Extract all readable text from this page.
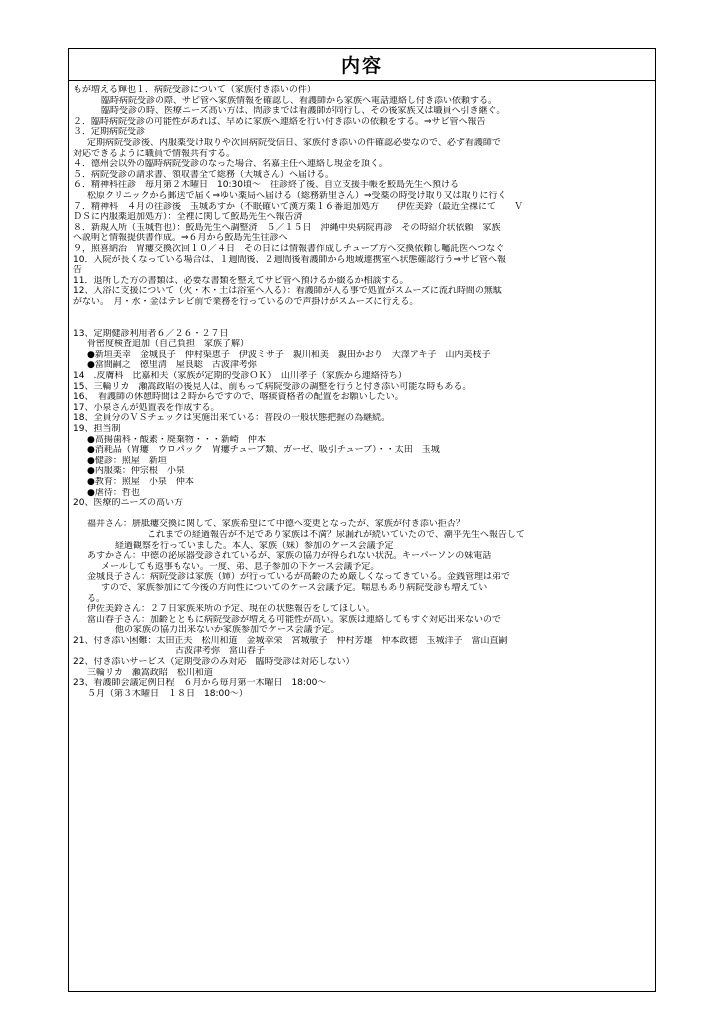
内容
もが増える輝也１．病院受診について（家族付き添いの件）
臨時病院受診の際、サビ管へ家族情報を確認し、看護師から家族へ電話連絡し付き添い依頼する。
臨時受診の時、医療ニーズ高い方は、問診までは看護師が同行し、その後家族又は職員へ引き継ぐ。
２．臨時病院受診の可能性があれば、早めに家族へ連絡を行い付き添いの依頼をする。⇒サビ管へ報告
３．定期病院受診
定期病院受診後、内服薬受け取りや次回病院受信日、家族付き添いの件確認必要なので、必ず看護師で
対応できるように職員で情報共有する。
４．德州会以外の臨時病院受診のなった場合、名嘉主任へ連絡し現金を頂く。
５．病院受診の請求書、領収書全て総務（大城さん）へ届ける。
６．精神科往診　毎月第２木曜日　10:30頃～　往診終了後、自立支援手帳を鮫島先生へ預ける
松原クリニックから郵送で届く⇒ゆい薬局へ届ける（総務新里さん）⇒受薬の時受け取り又は取りに行く
７．精神科　４月の往診後　玉城あすか（不眠確いて漢方薬１６番追加処方　　伊佐美鈴（最近全裸にて　　Ｖ
ＤＳに内服薬追加処方）：全裡に関して鮫島先生へ報告済
８．新規入所（玉城哲也）：鮫島先生へ調整済　５／１５日　沖縄中央病院再診　その時紹介状依頼　家族
へ説明と情報提供書作成。⇒６月から鮫島先生往診へ
９，照喜納治　胃瘻交換次回１０／４日　その日には情報書作成しチューブ方へ交換依頼し囑託医へつなぐ
10．入院が長くなっている場合は、１週間後、２週間後看護師から地域連携室へ状態確認行う⇒サビ管へ報
告
11．退所した方の書類は、必要な書類を整えてサビ管へ預けるか綴るか相談する。
12、入浴に支援について（火・木・土は浴室へ入る）：看護師が入る事で処置がスムーズに流れ時間の無駄
がない。　月・水・金はテレビ前で業務を行っているので声掛けがスムーズに行える。
13、定期健診利用者６／２６・２７日
骨密度検査追加（自己負担　家族了解）
●新垣美幸　金城良子　仲村渠恵子　伊波ミサ子　親川和美　親田かおり　大澤アキ子　山内美枝子
●當間嗣之　徳里清　屋良聡　古波津考弥
14　.皮膚科　比嘉和夫（家族が定期的受診ＯＫ）　山川孝子（家族から連絡待ち）
15、三輪リカ　瀬嵩政昭の後見人は、前もって病院受診の調整を行うと付き添い可能な時もある。
16、　看護師の休憩時間は２時からですので、喀痰資格者の配置をお願いしたい。
17、小泉さんが処置表を作成する。
18、全員分のＶＳチェックは実施出来ている：普段の一般状態把握の為継続。
19、担当制
●高揚歯科・酸素・廃棄物・・・新崎　仲本
●消耗品（胃瘻　ウロパック　胃瘻チューブ類、ガーゼ、吸引チューブ）・・太田　玉城
●健診：照屋　新垣
●内服薬：仲宗根　小泉
●教育：照屋　小泉　仲本
●虐待：哲也
20、医療的ニーズの高い方
福井さん：胼胝瘻交換に関して、家族希望にて中德へ変更となったが、家族が付き添い拒否？
これまでの経過報告が不足であり家族は不満？尿漏れが続いていたので、潮平先生へ報告して
経過観察を行っていました。本人、家族（妹）参加のケース会議予定
あすかさん：中徳の泌尿器受診されているが、家族の協力が得られない状況。キーパーソンの妹電話
メールしても返事もない。一度、弟、息子参加の下ケース会議予定。
金城良子さん：病院受診は家族（姉）が行っているが高齢のため厳しくなってきている。金銭管理は弟で
すので、家族参加にて今後の方向性についてのケース会議予定。喘息もあり病院受診も増えてい
る。
伊佐美鈴さん：２７日家族来所の予定、現在の状態報告をしてほしい。
當山春子さん：加齢とともに病院受診が増える可能性が高い。家族は連絡してもすぐ対応出来ないので
他の家族の協力出来ないか家族参加でケース会議予定。
21、付き添い困難：太田正夫　松川和道　金城幸栄　宮城敏子　仲村芳雄　仲本政徳　玉城洋子　當山直嗣
古波津考弥　當山春子
22、付き添いサービス（定期受診のみ対応　臨時受診は対応しない）
三輪リカ　瀬嵩政昭　松川和道
23、看護師会議定例日程　６月から毎月第一木曜日　18:00～
５月（第３木曜日　１８日　18:00～）
